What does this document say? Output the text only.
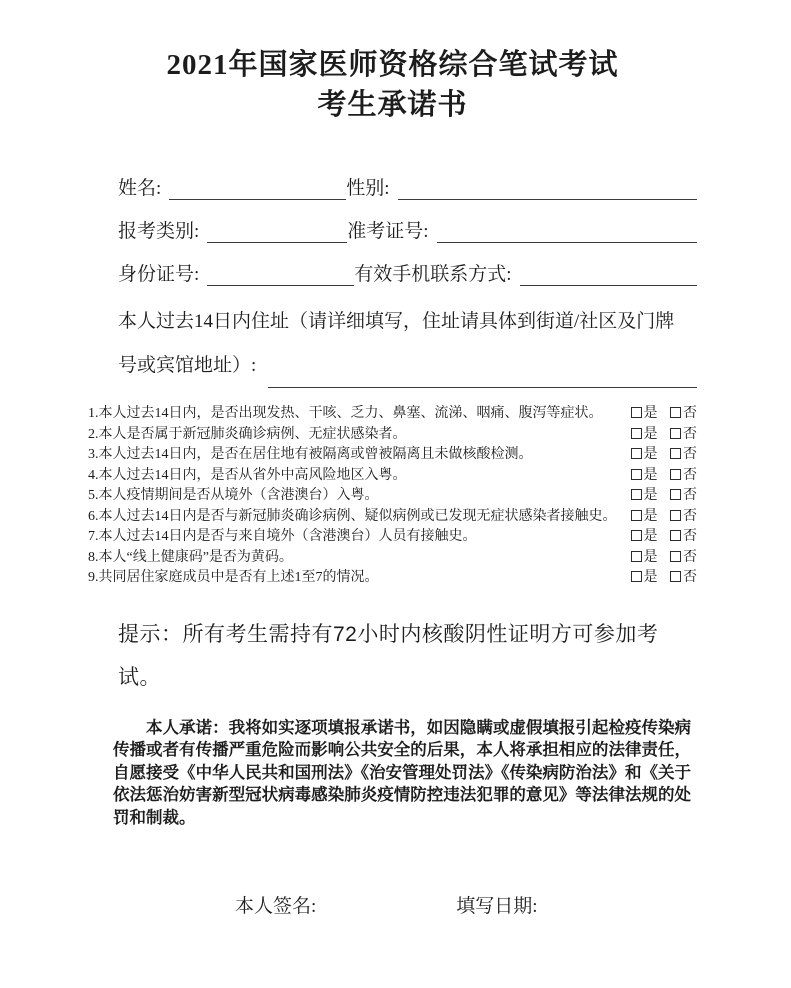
2021年国家医师资格综合笔试考试
考生承诺书
姓名:	性别:
报考类别:	准考证号:
身份证号:	有效手机联系方式:
本人过去14日内住址（请详细填写，住址请具体到街道/社区及门牌
号或宾馆地址）:
1.本人过去14日内，是否出现发热、干咳、乏力、鼻塞、流涕、咽痛、腹泻等症状。	是 否
2.本人是否属于新冠肺炎确诊病例、无症状感染者。	是 否
3.本人过去14日内，是否在居住地有被隔离或曾被隔离且未做核酸检测。	是 否
4.本人过去14日内，是否从省外中高风险地区入粤。	是 否
5.本人疫情期间是否从境外（含港澳台）入粤。	是 否
6.本人过去14日内是否与新冠肺炎确诊病例、疑似病例或已发现无症状感染者接触史。	是 否
7.本人过去14日内是否与来自境外（含港澳台）人员有接触史。	是 否
8.本人“线上健康码”是否为黄码。	是 否
9.共同居住家庭成员中是否有上述1至7的情况。	是 否
提示：所有考生需持有72小时内核酸阴性证明方可参加考试。
本人承诺：我将如实逐项填报承诺书，如因隐瞒或虚假填报引起检疫传染病传播或者有传播严重危险而影响公共安全的后果，本人将承担相应的法律责任，自愿接受《中华人民共和国刑法》《治安管理处罚法》《传染病防治法》和《关于依法惩治妨害新型冠状病毒感染肺炎疫情防控违法犯罪的意见》等法律法规的处罚和制裁。
本人签名:	填写日期:
